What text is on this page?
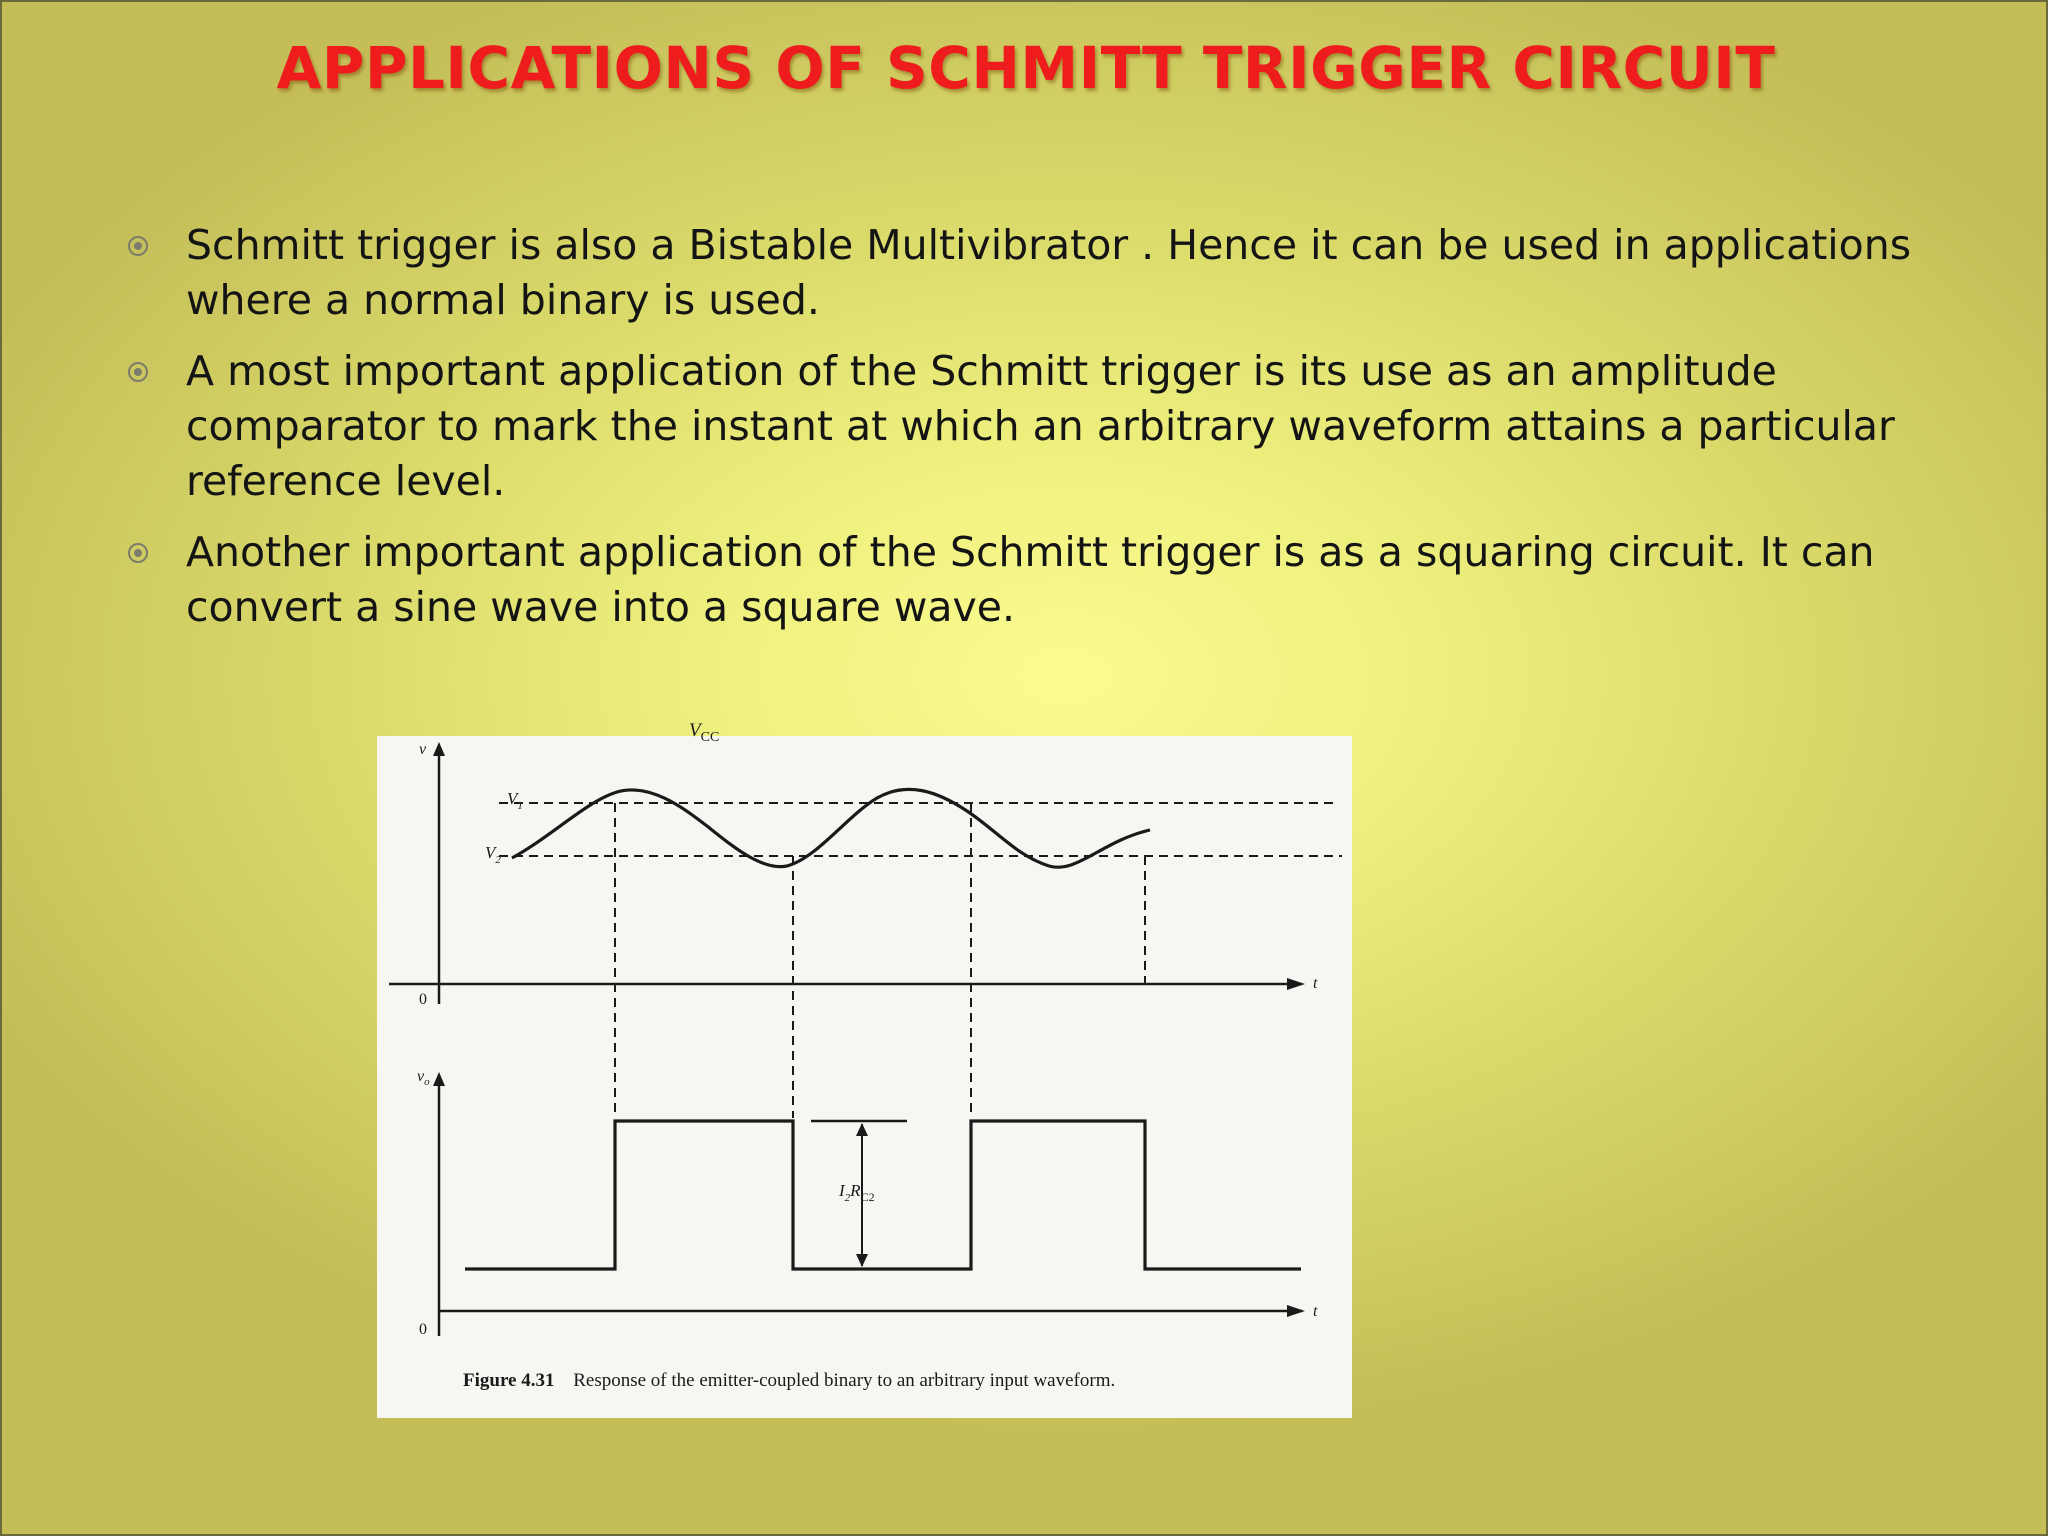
APPLICATIONS OF SCHMITT TRIGGER CIRCUIT
Schmitt trigger is also a Bistable Multivibrator . Hence it can be used in applications where a normal binary is used.
A most important application of the Schmitt trigger is its use as an amplitude comparator to mark the instant at which an arbitrary waveform attains a particular reference level.
Another important application of the Schmitt trigger is as a squaring circuit. It can convert a sine wave into a square wave.
v
t
0
$V_1$
$V_2$
$v_o$
t
0
$V_{CC}$
$I_2R_{C2}$
Figure 4.31 Response of the emitter-coupled binary to an arbitrary input waveform.
